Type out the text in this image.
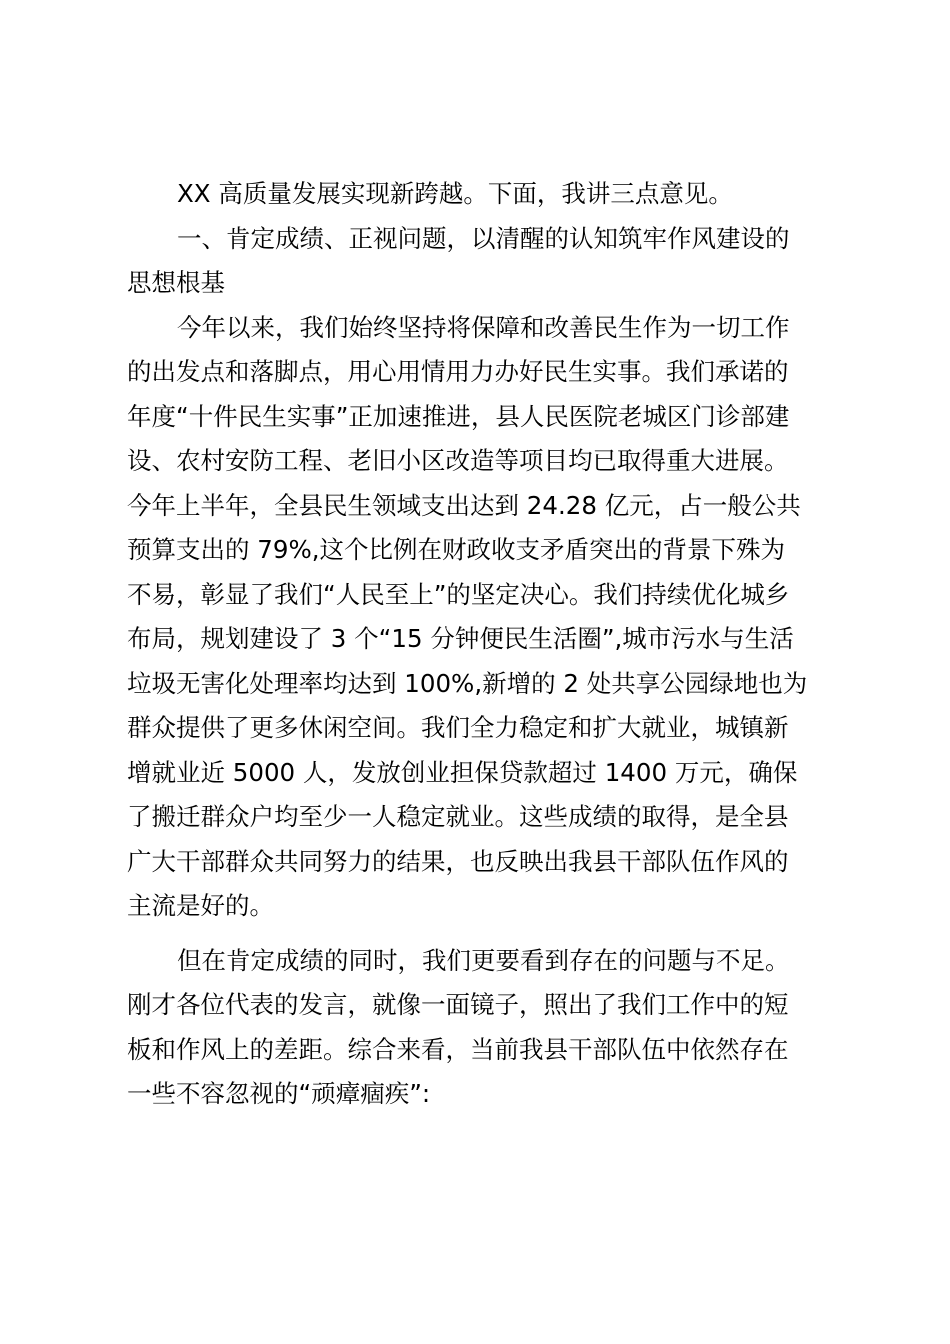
XX 高质量发展实现新跨越。下面，我讲三点意见。
一、肯定成绩、正视问题，以清醒的认知筑牢作风建设的
思想根基
今年以来，我们始终坚持将保障和改善民生作为一切工作
的出发点和落脚点，用心用情用力办好民生实事。我们承诺的
年度“十件民生实事”正加速推进，县人民医院老城区门诊部建
设、农村安防工程、老旧小区改造等项目均已取得重大进展。
今年上半年，全县民生领域支出达到 24.28 亿元，占一般公共
预算支出的 79%,这个比例在财政收支矛盾突出的背景下殊为
不易，彰显了我们“人民至上”的坚定决心。我们持续优化城乡
布局，规划建设了 3 个“15 分钟便民生活圈”,城市污水与生活
垃圾无害化处理率均达到 100%,新增的 2 处共享公园绿地也为
群众提供了更多休闲空间。我们全力稳定和扩大就业，城镇新
增就业近 5000 人，发放创业担保贷款超过 1400 万元，确保
了搬迁群众户均至少一人稳定就业。这些成绩的取得，是全县
广大干部群众共同努力的结果，也反映出我县干部队伍作风的
主流是好的。
但在肯定成绩的同时，我们更要看到存在的问题与不足。
刚才各位代表的发言，就像一面镜子，照出了我们工作中的短
板和作风上的差距。综合来看，当前我县干部队伍中依然存在
一些不容忽视的“顽瘴痼疾”:
